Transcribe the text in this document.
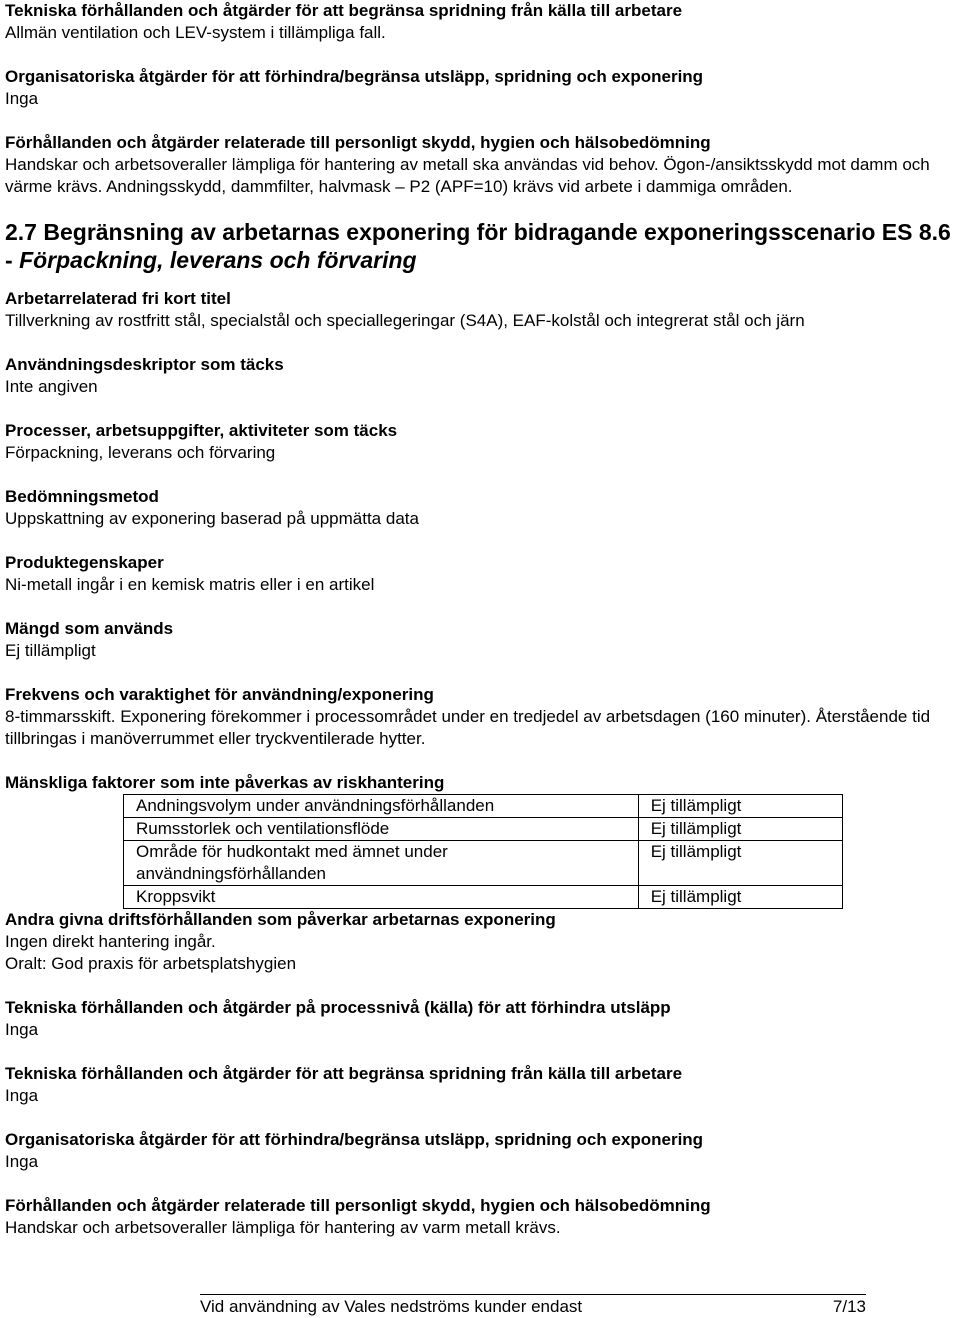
Tekniska förhållanden och åtgärder för att begränsa spridning från källa till arbetare
Allmän ventilation och LEV-system i tillämpliga fall.
Organisatoriska åtgärder för att förhindra/begränsa utsläpp, spridning och exponering
Inga
Förhållanden och åtgärder relaterade till personligt skydd, hygien och hälsobedömning
Handskar och arbetsoveraller lämpliga för hantering av metall ska användas vid behov. Ögon-/ansiktsskydd mot damm och värme krävs. Andningsskydd, dammfilter, halvmask – P2 (APF=10) krävs vid arbete i dammiga områden.
2.7 Begränsning av arbetarnas exponering för bidragande exponeringsscenario ES 8.6 - Förpackning, leverans och förvaring
Arbetarrelaterad fri kort titel
Tillverkning av rostfritt stål, specialstål och speciallegeringar (S4A), EAF-kolstål och integrerat stål och järn
Användningsdeskriptor som täcks
Inte angiven
Processer, arbetsuppgifter, aktiviteter som täcks
Förpackning, leverans och förvaring
Bedömningsmetod
Uppskattning av exponering baserad på uppmätta data
Produktegenskaper
Ni-metall ingår i en kemisk matris eller i en artikel
Mängd som används
Ej tillämpligt
Frekvens och varaktighet för användning/exponering
8-timmarsskift. Exponering förekommer i processområdet under en tredjedel av arbetsdagen (160 minuter). Återstående tid tillbringas i manöverrummet eller tryckventilerade hytter.
Mänskliga faktorer som inte påverkas av riskhantering
Andningsvolym under användningsförhållanden	Ej tillämpligt
Rumsstorlek och ventilationsflöde	Ej tillämpligt
Område för hudkontakt med ämnet under användningsförhållanden	Ej tillämpligt
Kroppsvikt	Ej tillämpligt
Andra givna driftsförhållanden som påverkar arbetarnas exponering
Ingen direkt hantering ingår.
Oralt: God praxis för arbetsplatshygien
Tekniska förhållanden och åtgärder på processnivå (källa) för att förhindra utsläpp
Inga
Tekniska förhållanden och åtgärder för att begränsa spridning från källa till arbetare
Inga
Organisatoriska åtgärder för att förhindra/begränsa utsläpp, spridning och exponering
Inga
Förhållanden och åtgärder relaterade till personligt skydd, hygien och hälsobedömning
Handskar och arbetsoveraller lämpliga för hantering av varm metall krävs.
Vid användning av Vales nedströms kunder endast	7/13
